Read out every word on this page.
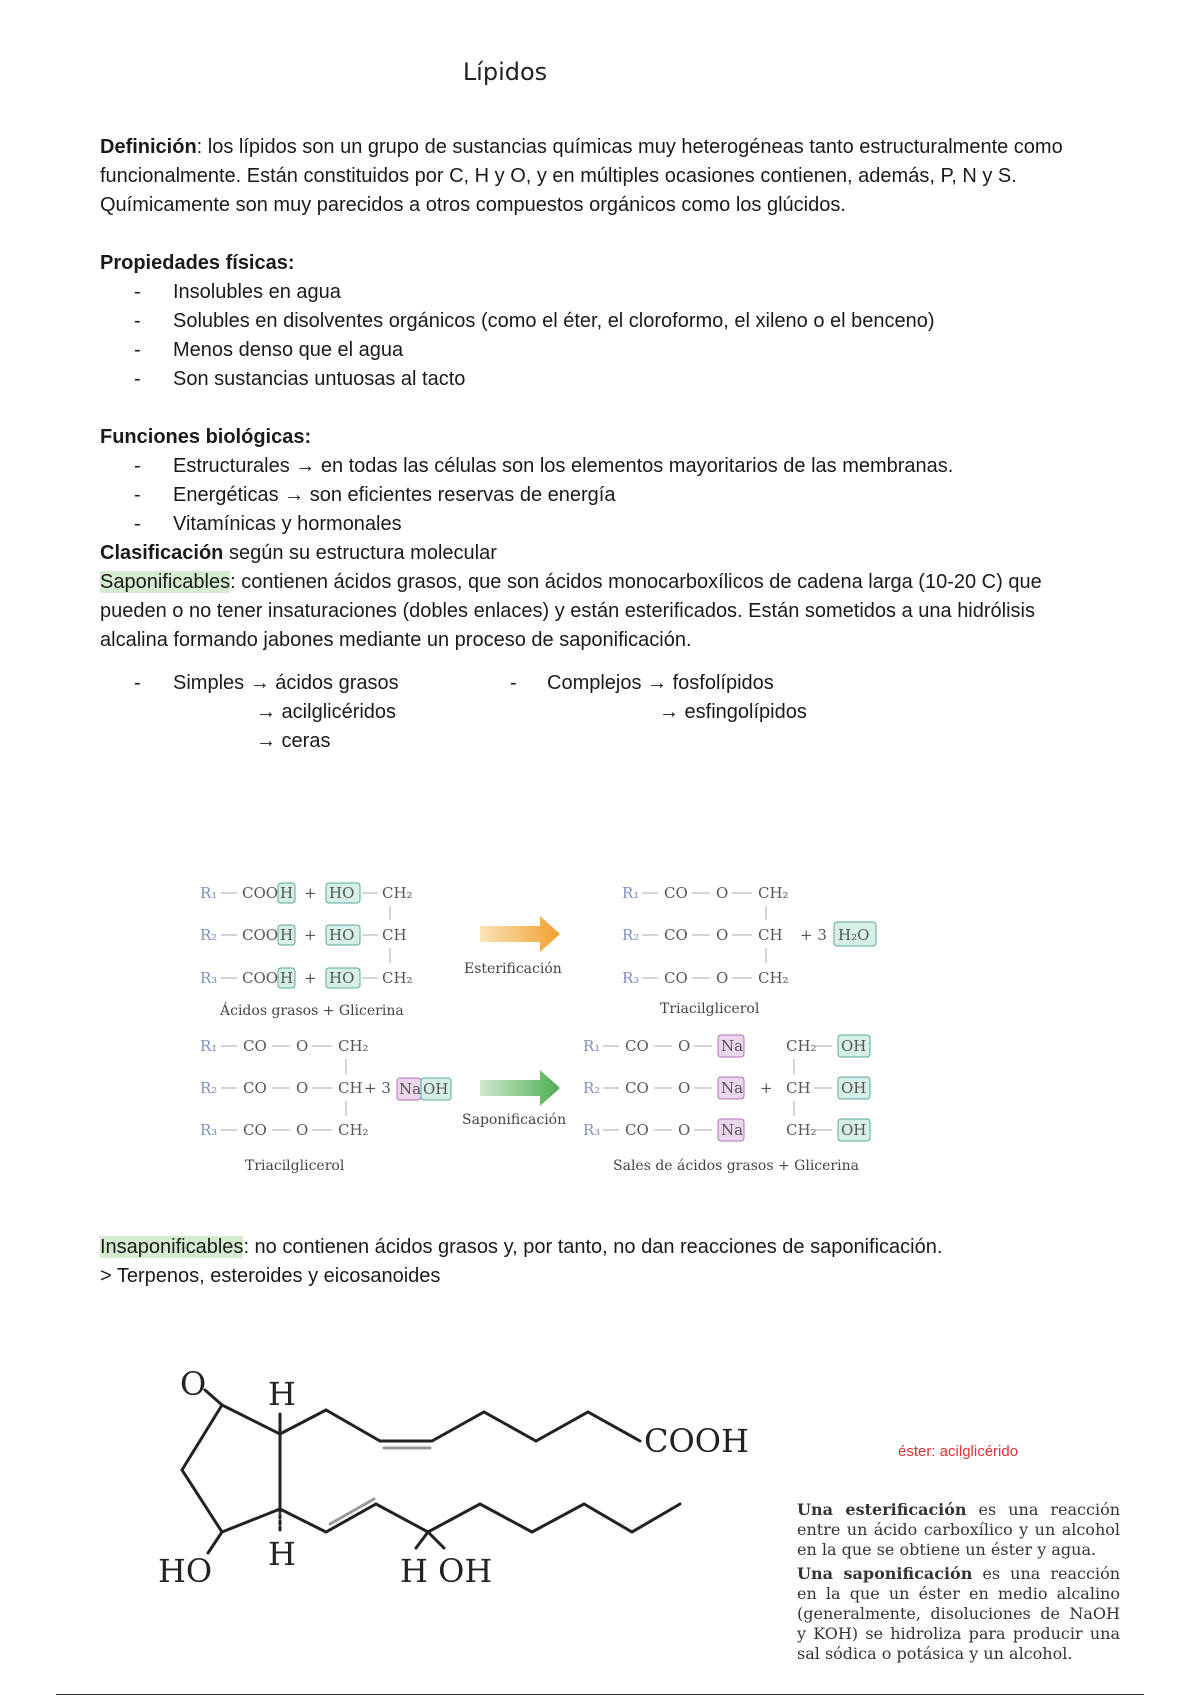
Lípidos

Definición: los lípidos son un grupo de sustancias químicas muy heterogéneas tanto estructuralmente como funcionalmente. Están constituidos por C, H y O, y en múltiples ocasiones contienen, además, P, N y S.

Químicamente son muy parecidos a otros compuestos orgánicos como los glúcidos.

Propiedades físicas:

- Insolubles en agua
- Solubles en disolventes orgánicos (como el éter, el cloroformo, el xileno o el benceno)
- Menos denso que el agua
- Son sustancias untuosas al tacto

Funciones biológicas:

- Estructurales → en todas las células son los elementos mayoritarios de las membranas.
- Energéticas → son eficientes reservas de energía
- Vitamínicas y hormonales

Clasificación según su estructura molecular

Saponificables: contienen ácidos grasos, que son ácidos monocarboxílicos de cadena larga (10-20 C) que pueden o no tener insaturaciones (dobles enlaces) y están esterificados. Están sometidos a una hidrólisis alcalina formando jabones mediante un proceso de saponificación.

- Simples → ácidos grasos
→ acilglicéridos
→ ceras
- Complejos → fosfolípidos
→ esfingolípidos
R₁ COO H + HO CH₂
R₂ COO H + HO CH
R₃ COO H + HO CH₂
Ácidos grasos + Glicerina
Esterificación
R₁ CO O CH₂
R₂ CO O CH + 3 H₂O
R₃ CO O CH₂
Triacilglicerol
R₁ CO O CH₂
R₂ CO O CH + 3 Na OH
R₃ CO O CH₂
Triacilglicerol
Saponificación
R₁ CO O Na	CH₂ OH
R₂ CO O Na + CH OH
R₃ CO O Na	CH₂ OH
Sales de ácidos grasos + Glicerina

Insaponificables: no contienen ácidos grasos y, por tanto, no dan reacciones de saponificación.

> Terpenos, esteroides y eicosanoides

O H
H
HO	H OH
COOH	éster: acilglicérido

Una esterificación es una reacción entre un ácido carboxílico y un alcohol en la que se obtiene un éster y agua.

Una saponificación es una reacción en la que un éster en medio alcalino (generalmente, disoluciones de NaOH y KOH) se hidroliza para producir una sal sódica o potásica y un alcohol.
